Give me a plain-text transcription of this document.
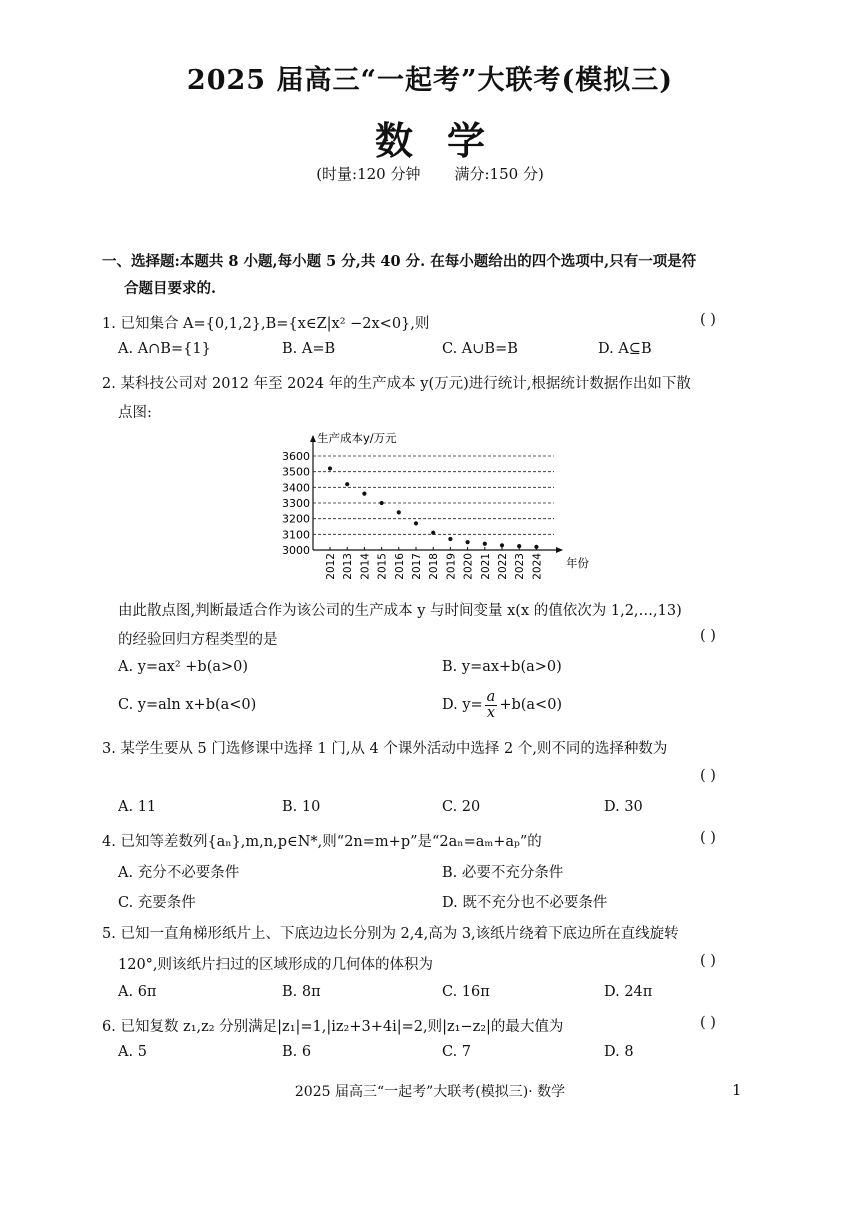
2025 届高三“一起考”大联考(模拟三)
数学
(时量:120 分钟 满分:150 分)
一、选择题:本题共 8 小题,每小题 5 分,共 40 分. 在每小题给出的四个选项中,只有一项是符
合题目要求的.
1. 已知集合 A={0,1,2},B={x∈Z|x² −2x<0},则	( )
A. A∩B={1}	B. A=B	C. A∪B=B	D. A⊆B
2. 某科技公司对 2012 年至 2024 年的生产成本 y(万元)进行统计,根据统计数据作出如下散
点图:
3000
3100
3200
3300
3400
3500
3600
2012 2013 2014 2015 2016 2017 2018 2019 2020 2021 2022 2023 2024
生产成本y/万元
年份
由此散点图,判断最适合作为该公司的生产成本 y 与时间变量 x(x 的值依次为 1,2,…,13)
的经验回归方程类型的是	( )
A. y=ax² +b(a>0)	B. y=ax+b(a>0)
C. y=aln x+b(a<0)	D. $y= \frac{a}{x} +b(a<0)$
3. 某学生要从 5 门选修课中选择 1 门,从 4 个课外活动中选择 2 个,则不同的选择种数为
( )
A. 11	B. 10	C. 20	D. 30
4. 已知等差数列{aₙ},m,n,p∈N*,则“2n=m+p”是“2aₙ=aₘ+aₚ”的	( )
A. 充分不必要条件	B. 必要不充分条件
C. 充要条件	D. 既不充分也不必要条件
5. 已知一直角梯形纸片上、下底边边长分别为 2,4,高为 3,该纸片绕着下底边所在直线旋转
120°,则该纸片扫过的区域形成的几何体的体积为	( )
A. 6π	B. 8π	C. 16π	D. 24π
6. 已知复数 z₁,z₂ 分别满足|z₁|=1,|iz₂+3+4i|=2,则|z₁−z₂|的最大值为	( )
A. 5	B. 6	C. 7	D. 8
2025 届高三“一起考”大联考(模拟三)· 数学	1
